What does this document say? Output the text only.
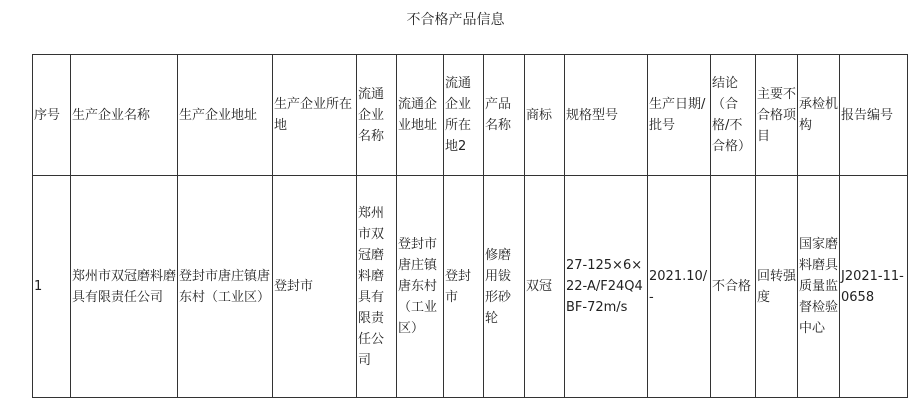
不合格产品信息
序号	生产企业名称	生产企业地址	生产企业所在地	流通企业名称	流通企业地址	流通企业所在地2	产品名称	商标	规格型号	生产日期/批号	结论（合格/不合格）	主要不合格项目	承检机构	报告编号
1	郑州市双冠磨料磨具有限责任公司	登封市唐庄镇唐东村（工业区）	登封市	郑州市双冠磨料磨具有限责任公司	登封市唐庄镇唐东村（工业区）	登封市	修磨用钹形砂轮	双冠	27-125×6×22-A/F24Q4BF-72m/s	2021.10/-	不合格	回转强度	国家磨料磨具质量监督检验中心	J2021-11-0658
